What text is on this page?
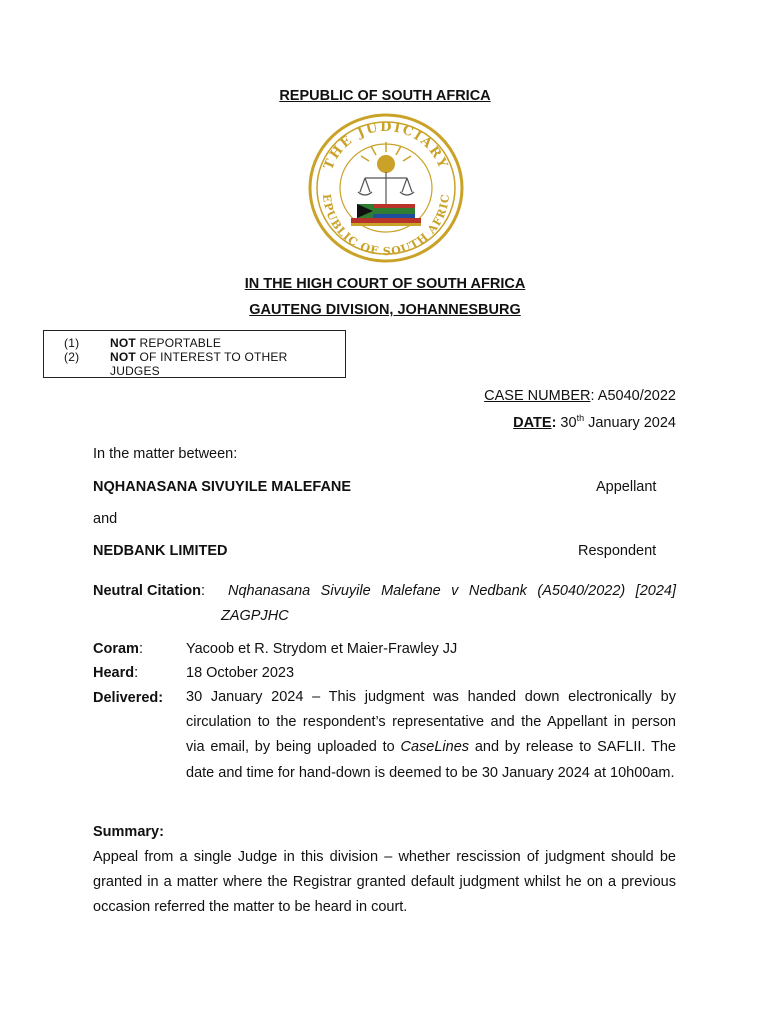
REPUBLIC OF SOUTH AFRICA
THE JUDICIARY
EPUBLIC OF SOUTH AFRIC
IN THE HIGH COURT OF SOUTH AFRICA
GAUTENG DIVISION, JOHANNESBURG
(1)	NOT REPORTABLE
(2)	NOT OF INTEREST TO OTHER JUDGES
CASE NUMBER: A5040/2022
DATE: 30th January 2024
In the matter between:
NQHANASANA SIVUYILE MALEFANE	Appellant
and
NEDBANK LIMITED	Respondent
Neutral Citation: Nqhanasana Sivuyile Malefane v Nedbank (A5040/2022) [2024]
ZAGPJHC
Coram:	Yacoob et R. Strydom et Maier-Frawley JJ
Heard:	18 October 2023
Delivered: 30 January 2024 – This judgment was handed down electronically by circulation to the respondent’s representative and the Appellant in person via email, by being uploaded to CaseLines and by release to SAFLII. The date and time for hand-down is deemed to be 30 January 2024 at 10h00am.
Summary:
Appeal from a single Judge in this division – whether rescission of judgment should be granted in a matter where the Registrar granted default judgment whilst he on a previous occasion referred the matter to be heard in court.
